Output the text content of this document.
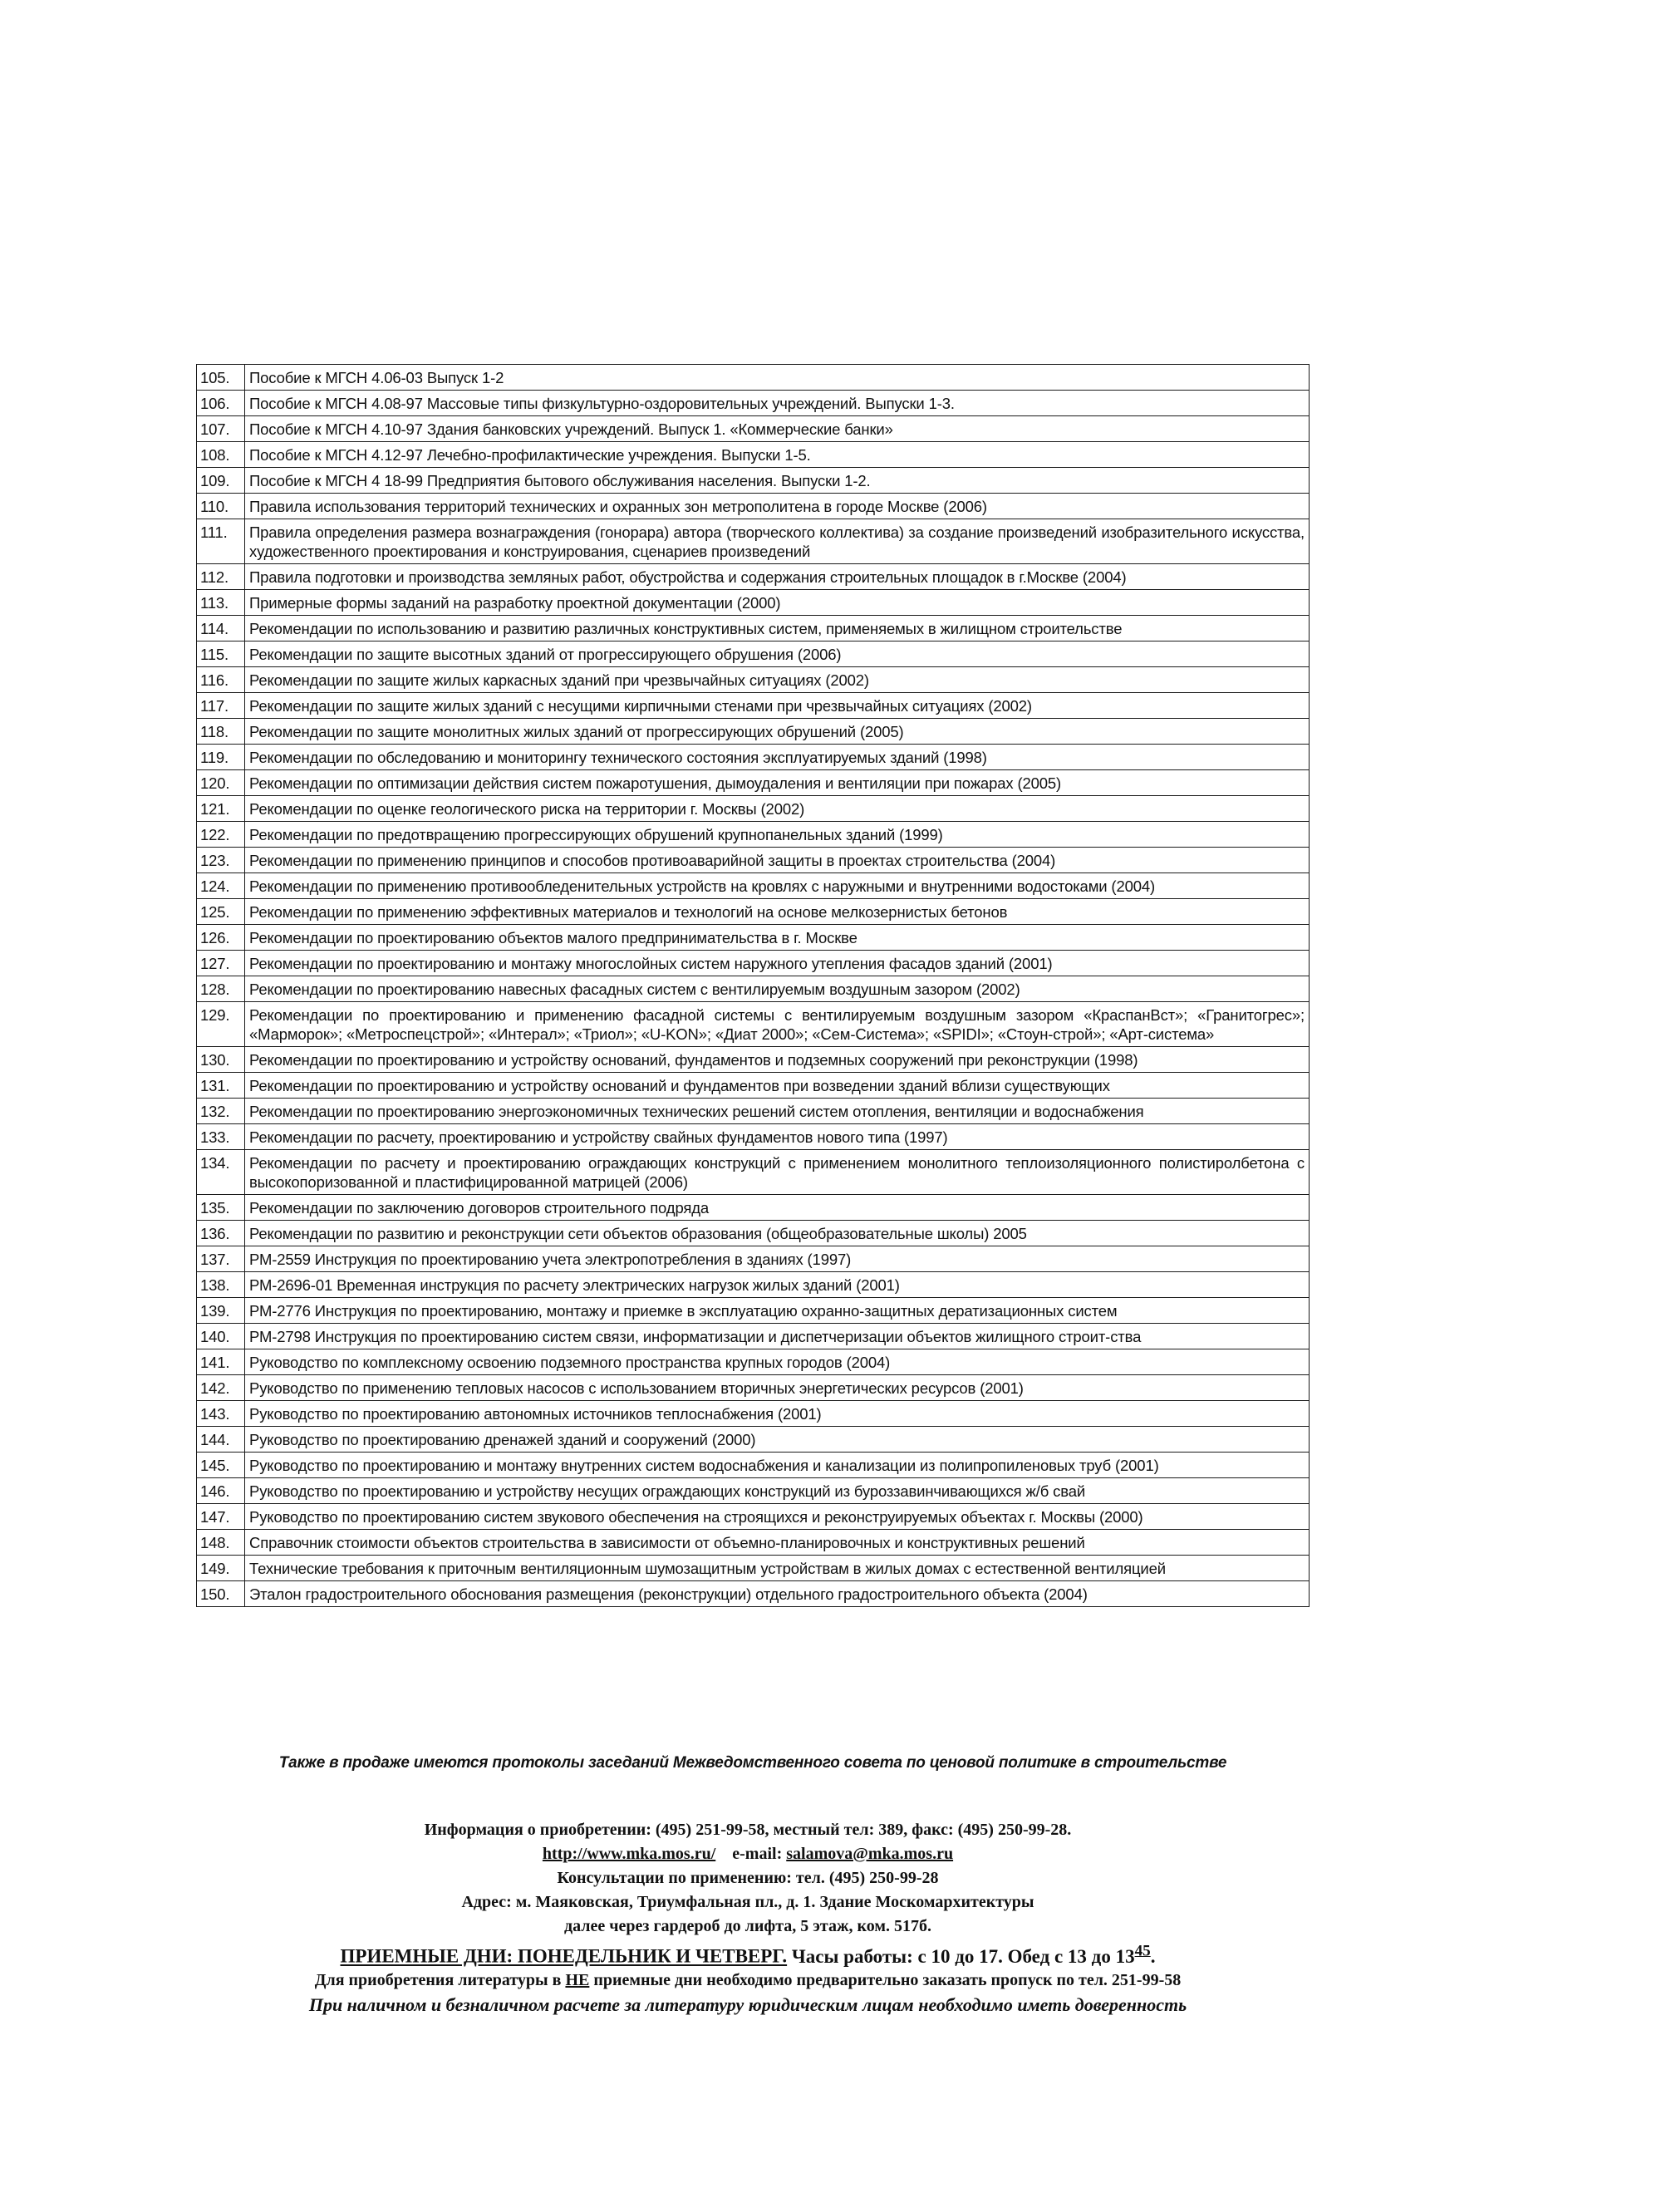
105.	Пособие к МГСН 4.06-03 Выпуск 1-2
106.	Пособие к МГСН 4.08-97 Массовые типы физкультурно-оздоровительных учреждений. Выпуски 1-3.
107.	Пособие к МГСН 4.10-97 Здания банковских учреждений. Выпуск 1. «Коммерческие банки»
108.	Пособие к МГСН 4.12-97 Лечебно-профилактические учреждения. Выпуски 1-5.
109.	Пособие к МГСН 4 18-99 Предприятия бытового обслуживания населения. Выпуски 1-2.
110.	Правила использования территорий технических и охранных зон метрополитена в городе Москве (2006)
111.	Правила определения размера вознаграждения (гонорара) автора (творческого коллектива) за создание произведений изобразительного искусства, художественного проектирования и конструирования, сценариев произведений
112.	Правила подготовки и производства земляных работ, обустройства и содержания строительных площадок в г.Москве (2004)
113.	Примерные формы заданий на разработку проектной документации (2000)
114.	Рекомендации по использованию и развитию различных конструктивных систем, применяемых в жилищном строительстве
115.	Рекомендации по защите высотных зданий от прогрессирующего обрушения (2006)
116.	Рекомендации по защите жилых каркасных зданий при чрезвычайных ситуациях (2002)
117.	Рекомендации по защите жилых зданий с несущими кирпичными стенами при чрезвычайных ситуациях (2002)
118.	Рекомендации по защите монолитных жилых зданий от прогрессирующих обрушений (2005)
119.	Рекомендации по обследованию и мониторингу технического состояния эксплуатируемых зданий (1998)
120.	Рекомендации по оптимизации действия систем пожаротушения, дымоудаления и вентиляции при пожарах (2005)
121.	Рекомендации по оценке геологического риска на территории г. Москвы (2002)
122.	Рекомендации по предотвращению прогрессирующих обрушений крупнопанельных зданий (1999)
123.	Рекомендации по применению принципов и способов противоаварийной защиты в проектах строительства (2004)
124.	Рекомендации по применению противообледенительных устройств на кровлях с наружными и внутренними водостоками (2004)
125.	Рекомендации по применению эффективных материалов и технологий на основе мелкозернистых бетонов
126.	Рекомендации по проектированию объектов малого предпринимательства в г. Москве
127.	Рекомендации по проектированию и монтажу многослойных систем наружного утепления фасадов зданий (2001)
128.	Рекомендации по проектированию навесных фасадных систем с вентилируемым воздушным зазором (2002)
129.	Рекомендации по проектированию и применению фасадной системы с вентилируемым воздушным зазором «КраспанВст»; «Гранитогрес»; «Марморок»; «Метроспецстрой»; «Интерал»; «Триол»; «U-KON»; «Диат 2000»; «Сем-Система»; «SPIDI»; «Стоун-строй»; «Арт-система»
130.	Рекомендации по проектированию и устройству оснований, фундаментов и подземных сооружений при реконструкции (1998)
131.	Рекомендации по проектированию и устройству оснований и фундаментов при возведении зданий вблизи существующих
132.	Рекомендации по проектированию энергоэкономичных технических решений систем отопления, вентиляции и водоснабжения
133.	Рекомендации по расчету, проектированию и устройству свайных фундаментов нового типа (1997)
134.	Рекомендации по расчету и проектированию ограждающих конструкций с применением монолитного теплоизоляционного полистиролбетона с высокопоризованной и пластифицированной матрицей (2006)
135.	Рекомендации по заключению договоров строительного подряда
136.	Рекомендации по развитию и реконструкции сети объектов образования (общеобразовательные школы) 2005
137.	РМ-2559 Инструкция по проектированию учета электропотребления в зданиях (1997)
138.	РМ-2696-01 Временная инструкция по расчету электрических нагрузок жилых зданий (2001)
139.	РМ-2776 Инструкция по проектированию, монтажу и приемке в эксплуатацию охранно-защитных дератизационных систем
140.	РМ-2798 Инструкция по проектированию систем связи, информатизации и диспетчеризации объектов жилищного строит-ства
141.	Руководство по комплексному освоению подземного пространства крупных городов (2004)
142.	Руководство по применению тепловых насосов с использованием вторичных энергетических ресурсов (2001)
143.	Руководство по проектированию автономных источников теплоснабжения (2001)
144.	Руководство по проектированию дренажей зданий и сооружений (2000)
145.	Руководство по проектированию и монтажу внутренних систем водоснабжения и канализации из полипропиленовых труб (2001)
146.	Руководство по проектированию и устройству несущих ограждающих конструкций из буроззавинчивающихся ж/б свай
147.	Руководство по проектированию систем звукового обеспечения на строящихся и реконструируемых объектах г. Москвы (2000)
148.	Справочник стоимости объектов строительства в зависимости от объемно-планировочных и конструктивных решений
149.	Технические требования к приточным вентиляционным шумозащитным устройствам в жилых домах с естественной вентиляцией
150.	Эталон градостроительного обоснования размещения (реконструкции) отдельного градостроительного объекта (2004)
Также в продаже имеются протоколы заседаний Межведомственного совета по ценовой политике в строительстве
Информация о приобретении: (495) 251-99-58, местный тел: 389, факс: (495) 250-99-28.
http://www.mka.mos.ru/ e-mail: salamova@mka.mos.ru
Консультации по применению: тел. (495) 250-99-28
Адрес: м. Маяковская, Триумфальная пл., д. 1. Здание Москомархитектуры
далее через гардероб до лифта, 5 этаж, ком. 517б.
ПРИЕМНЫЕ ДНИ: ПОНЕДЕЛЬНИК И ЧЕТВЕРГ. Часы работы: с 10 до 17. Обед с 13 до $13^{45}$.
Для приобретения литературы в НЕ приемные дни необходимо предварительно заказать пропуск по тел. 251-99-58
При наличном и безналичном расчете за литературу юридическим лицам необходимо иметь доверенность
